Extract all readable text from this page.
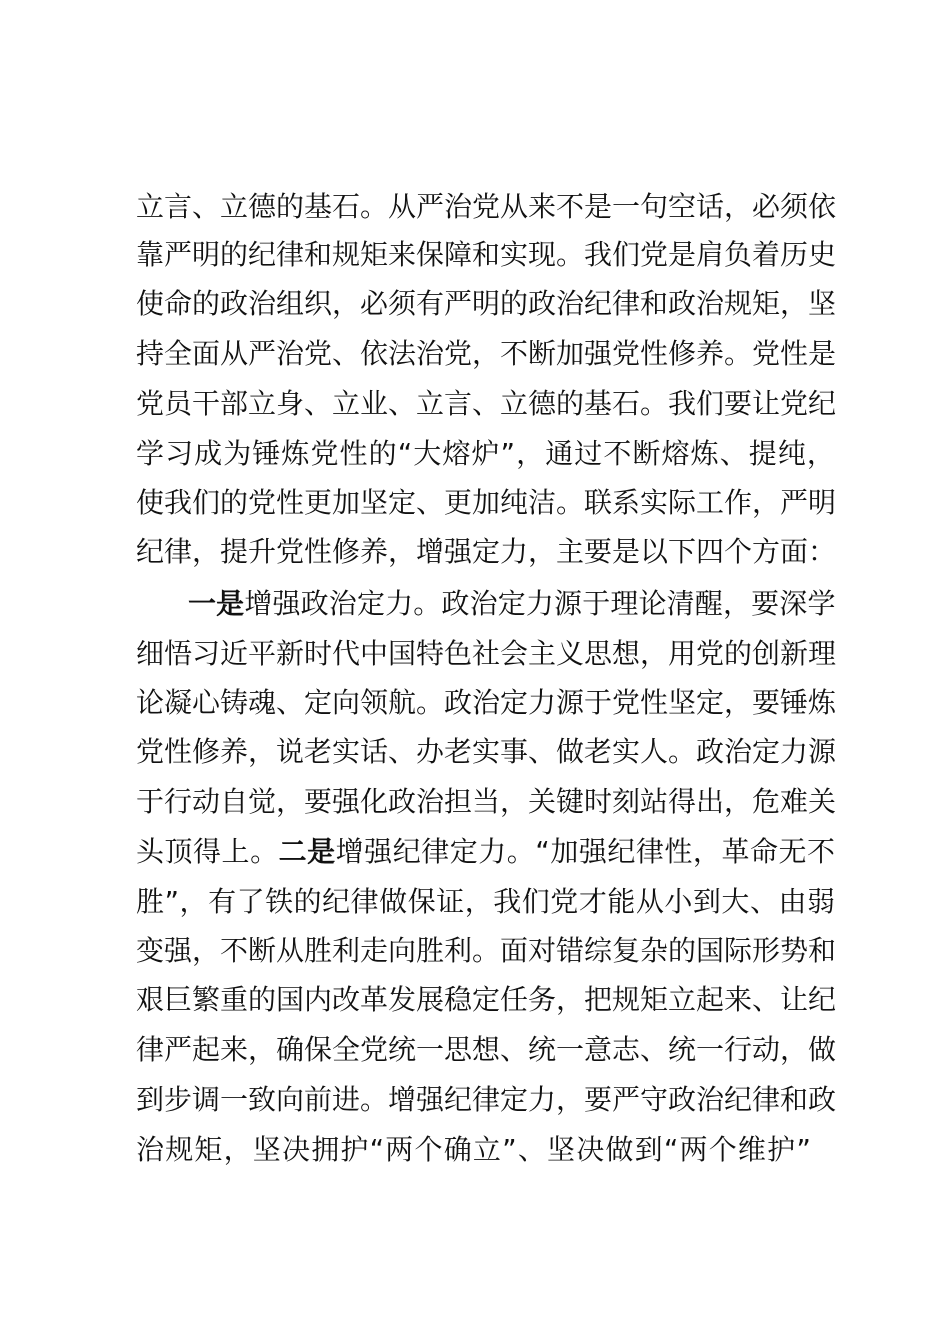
立言、立德的基石。从严治党从来不是一句空话，必须依
靠严明的纪律和规矩来保障和实现。我们党是肩负着历史
使命的政治组织，必须有严明的政治纪律和政治规矩，坚
持全面从严治党、依法治党，不断加强党性修养。党性是
党员干部立身、立业、立言、立德的基石。我们要让党纪
学习成为锤炼党性的“大熔炉”，通过不断熔炼、提纯，
使我们的党性更加坚定、更加纯洁。联系实际工作，严明
纪律，提升党性修养，增强定力，主要是以下四个方面：
一是增强政治定力。政治定力源于理论清醒，要深学
细悟习近平新时代中国特色社会主义思想，用党的创新理
论凝心铸魂、定向领航。政治定力源于党性坚定，要锤炼
党性修养，说老实话、办老实事、做老实人。政治定力源
于行动自觉，要强化政治担当，关键时刻站得出，危难关
头顶得上。二是增强纪律定力。“加强纪律性，革命无不
胜”，有了铁的纪律做保证，我们党才能从小到大、由弱
变强，不断从胜利走向胜利。面对错综复杂的国际形势和
艰巨繁重的国内改革发展稳定任务，把规矩立起来、让纪
律严起来，确保全党统一思想、统一意志、统一行动，做
到步调一致向前进。增强纪律定力，要严守政治纪律和政
治规矩，坚决拥护“两个确立”、坚决做到“两个维护”
